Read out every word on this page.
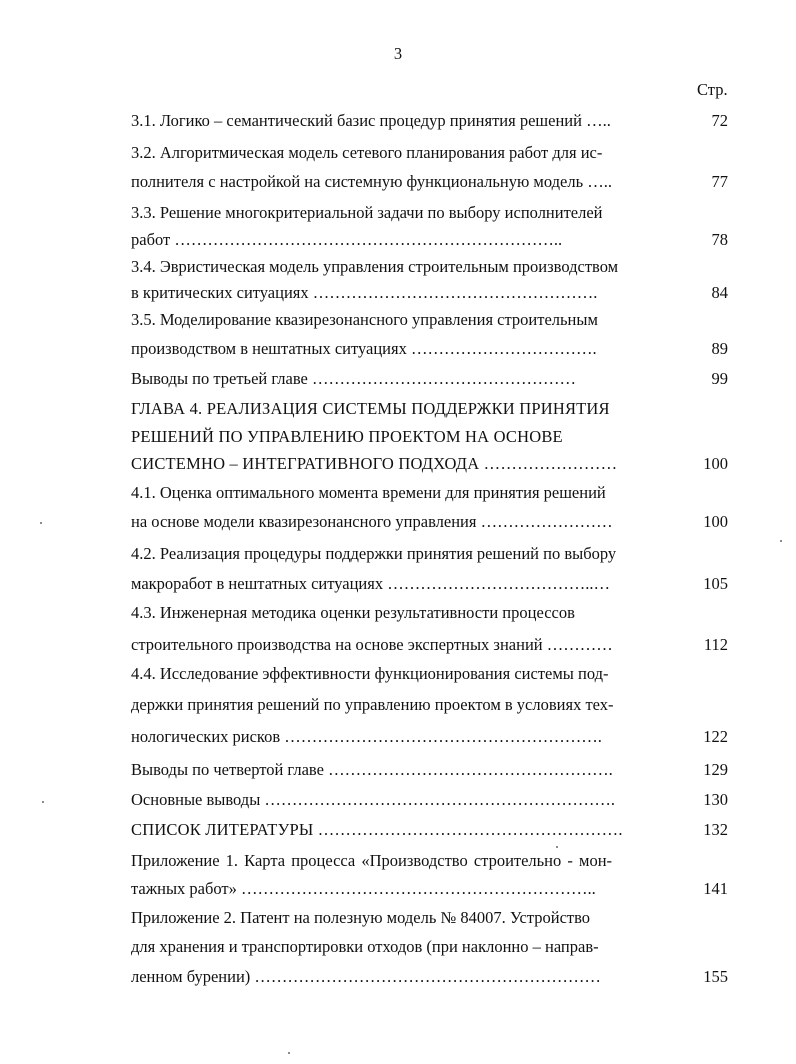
3
Стр.
3.1. Логико – семантический базис процедур принятия решений …..	72
3.2. Алгоритмическая модель сетевого планирования работ для ис-
полнителя с настройкой на системную функциональную модель …..	77
3.3. Решение многокритериальной задачи по выбору исполнителей
работ ……………………………………………………………..	78
3.4. Эвристическая модель управления строительным производством
в критических ситуациях …………………………………………….	84
3.5. Моделирование квазирезонансного управления строительным
производством в нештатных ситуациях …………………………….	89
Выводы по третьей главе …………………………………………	99
ГЛАВА 4. РЕАЛИЗАЦИЯ СИСТЕМЫ ПОДДЕРЖКИ ПРИНЯТИЯ
РЕШЕНИЙ ПО УПРАВЛЕНИЮ ПРОЕКТОМ НА ОСНОВЕ
СИСТЕМНО – ИНТЕГРАТИВНОГО ПОДХОДА ……………………	100
4.1. Оценка оптимального момента времени для принятия решений
на основе модели квазирезонансного управления ……………………	100
4.2. Реализация процедуры поддержки принятия решений по выбору
макроработ в нештатных ситуациях ………………………………..…	105
4.3. Инженерная методика оценки результативности процессов
строительного производства на основе экспертных знаний …………	112
4.4. Исследование эффективности функционирования системы под-
держки принятия решений по управлению проектом в условиях тех-
нологических рисков ………………………………………………….	122
Выводы по четвертой главе …………………………………………….	129
Основные выводы ……………………………………………………….	130
СПИСОК ЛИТЕРАТУРЫ ……………………………………………….	132
Приложение 1. Карта процесса «Производство строительно - мон-
тажных работ» ………………………………………………………..	141
Приложение 2. Патент на полезную модель № 84007. Устройство
для хранения и транспортировки отходов (при наклонно – направ-
ленном бурении) ………………………………………………………	155
